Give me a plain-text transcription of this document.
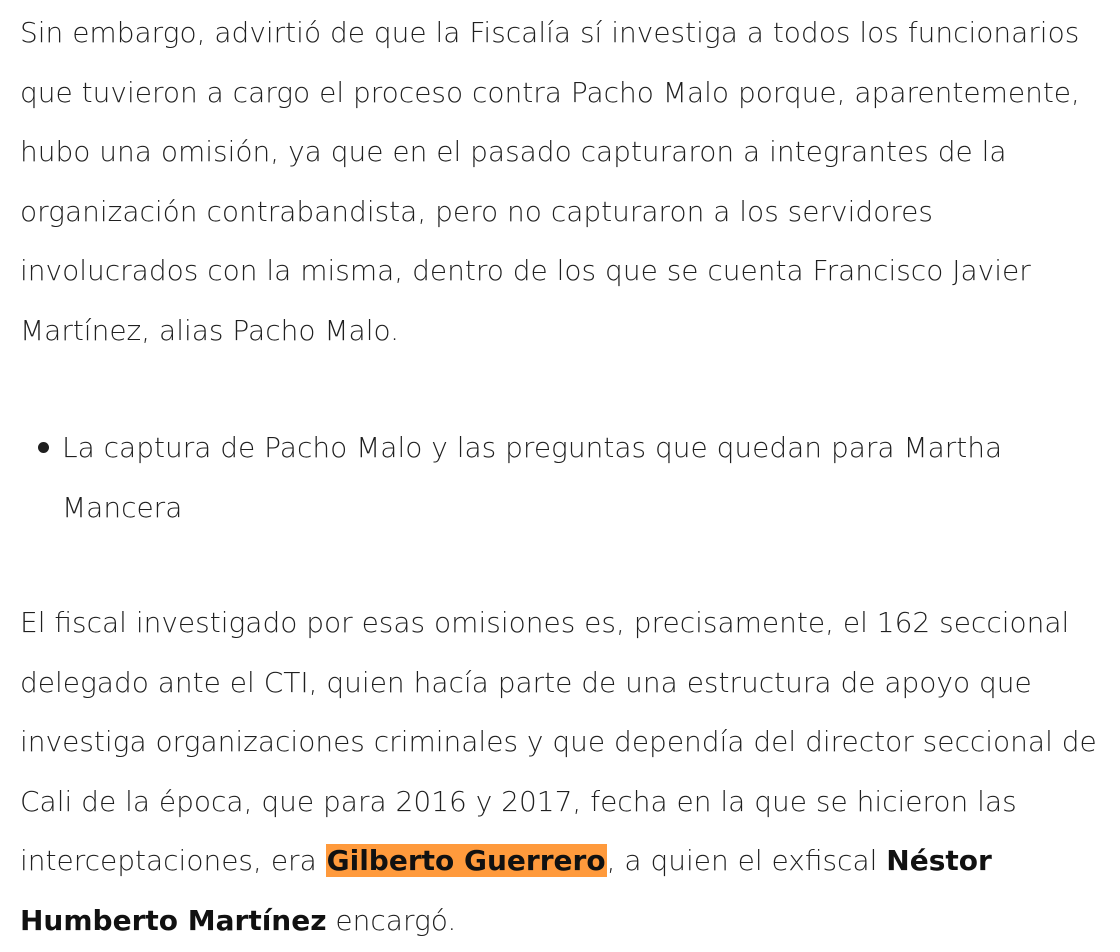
Sin embargo, advirtió de que la Fiscalía sí investiga a todos los funcionarios que tuvieron a cargo el proceso contra Pacho Malo porque, aparentemente, hubo una omisión, ya que en el pasado capturaron a integrantes de la organización contrabandista, pero no capturaron a los servidores involucrados con la misma, dentro de los que se cuenta Francisco Javier Martínez, alias Pacho Malo.

La captura de Pacho Malo y las preguntas que quedan para Martha Mancera

El fiscal investigado por esas omisiones es, precisamente, el 162 seccional delegado ante el CTI, quien hacía parte de una estructura de apoyo que investiga organizaciones criminales y que dependía del director seccional de Cali de la época, que para 2016 y 2017, fecha en la que se hicieron las interceptaciones, era Gilberto Guerrero, a quien el exfiscal Néstor Humberto Martínez encargó.
